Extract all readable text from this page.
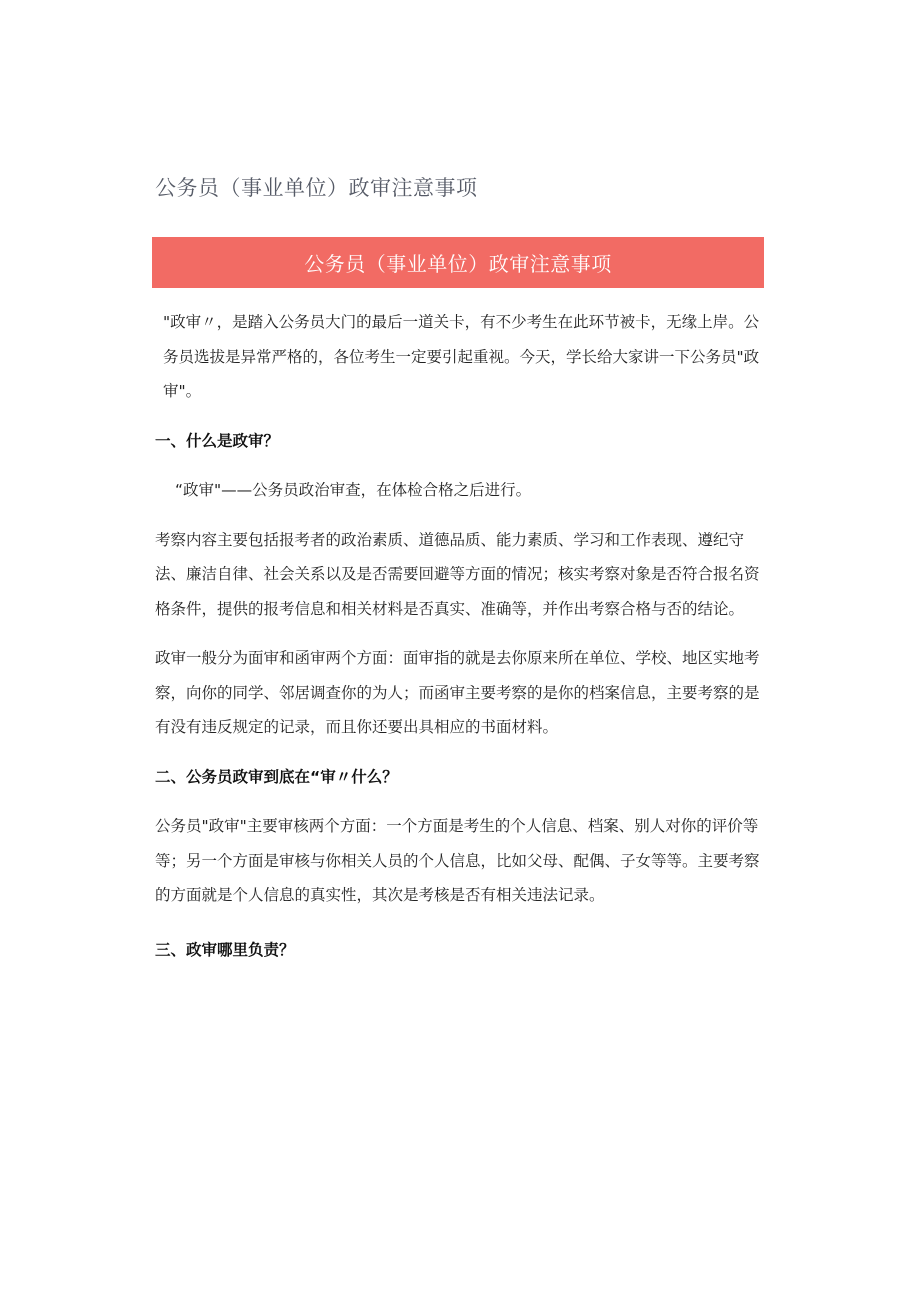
公务员（事业单位）政审注意事项
公务员（事业单位）政审注意事项

"政审〃，是踏入公务员大门的最后一道关卡，有不少考生在此环节被卡，无缘上岸。公务员选拔是异常严格的，各位考生一定要引起重视。今天，学长给大家讲一下公务员"政审"。

一、什么是政审？

“政审"——公务员政治审查，在体检合格之后进行。

考察内容主要包括报考者的政治素质、道德品质、能力素质、学习和工作表现、遵纪守法、廉洁自律、社会关系以及是否需要回避等方面的情况；核实考察对象是否符合报名资格条件，提供的报考信息和相关材料是否真实、准确等，并作出考察合格与否的结论。

政审一般分为面审和函审两个方面：面审指的就是去你原来所在单位、学校、地区实地考察，向你的同学、邻居调查你的为人；而函审主要考察的是你的档案信息，主要考察的是有没有违反规定的记录，而且你还要出具相应的书面材料。

二、公务员政审到底在“审〃什么？

公务员"政审"主要审核两个方面：一个方面是考生的个人信息、档案、别人对你的评价等等；另一个方面是审核与你相关人员的个人信息，比如父母、配偶、子女等等。主要考察的方面就是个人信息的真实性，其次是考核是否有相关违法记录。

三、政审哪里负责？
